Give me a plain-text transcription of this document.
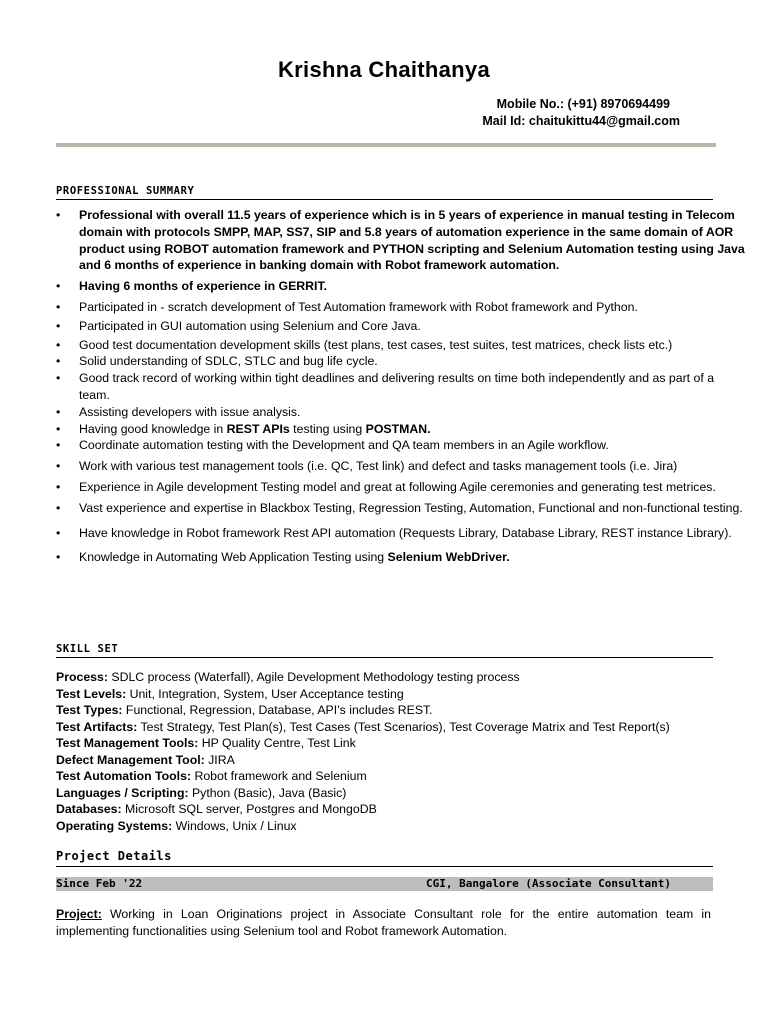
Krishna Chaithanya
Mobile No.: (+91) 8970694499
Mail Id: chaitukittu44@gmail.com
PROFESSIONAL SUMMARY
• Professional with overall 11.5 years of experience which is in 5 years of experience in manual testing in Telecom domain with protocols SMPP, MAP, SS7, SIP and 5.8 years of automation experience in the same domain of AOR product using ROBOT automation framework and PYTHON scripting and Selenium Automation testing using Java and 6 months of experience in banking domain with Robot framework automation.
• Having 6 months of experience in GERRIT.
• Participated in - scratch development of Test Automation framework with Robot framework and Python.
• Participated in GUI automation using Selenium and Core Java.
• Good test documentation development skills (test plans, test cases, test suites, test matrices, check lists etc.)
• Solid understanding of SDLC, STLC and bug life cycle.
• Good track record of working within tight deadlines and delivering results on time both independently and as part of a team.
• Assisting developers with issue analysis.
• Having good knowledge in REST APIs testing using POSTMAN.
• Coordinate automation testing with the Development and QA team members in an Agile workflow.
• Work with various test management tools (i.e. QC, Test link) and defect and tasks management tools (i.e. Jira)
• Experience in Agile development Testing model and great at following Agile ceremonies and generating test metrices.
• Vast experience and expertise in Blackbox Testing, Regression Testing, Automation, Functional and non-functional testing.
• Have knowledge in Robot framework Rest API automation (Requests Library, Database Library, REST instance Library).
• Knowledge in Automating Web Application Testing using Selenium WebDriver.
SKILL SET
Process: SDLC process (Waterfall), Agile Development Methodology testing process
Test Levels: Unit, Integration, System, User Acceptance testing
Test Types: Functional, Regression, Database, API’s includes REST.
Test Artifacts: Test Strategy, Test Plan(s), Test Cases (Test Scenarios), Test Coverage Matrix and Test Report(s)
Test Management Tools: HP Quality Centre, Test Link
Defect Management Tool: JIRA
Test Automation Tools: Robot framework and Selenium
Languages / Scripting: Python (Basic), Java (Basic)
Databases: Microsoft SQL server, Postgres and MongoDB
Operating Systems: Windows, Unix / Linux
Project Details
Since Feb '22	CGI, Bangalore (Associate Consultant)
Project: Working in Loan Originations project in Associate Consultant role for the entire automation team in implementing functionalities using Selenium tool and Robot framework Automation.
